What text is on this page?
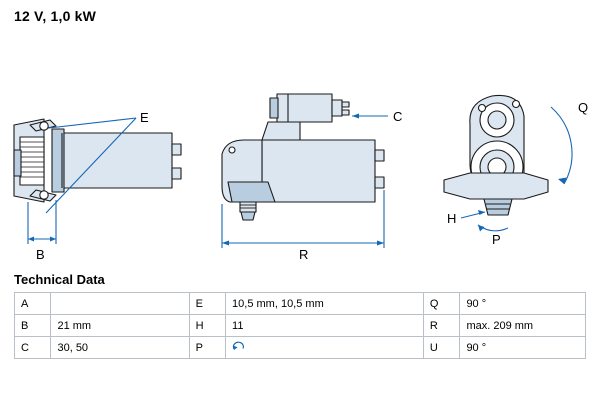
12 V, 1,0 kW
E
B
C
R
H
P
Q
Technical Data
A		E	10,5 mm, 10,5 mm	Q	90 °
B	21 mm	H	11	R	max. 209 mm
C	30, 50	P		U	90 °
